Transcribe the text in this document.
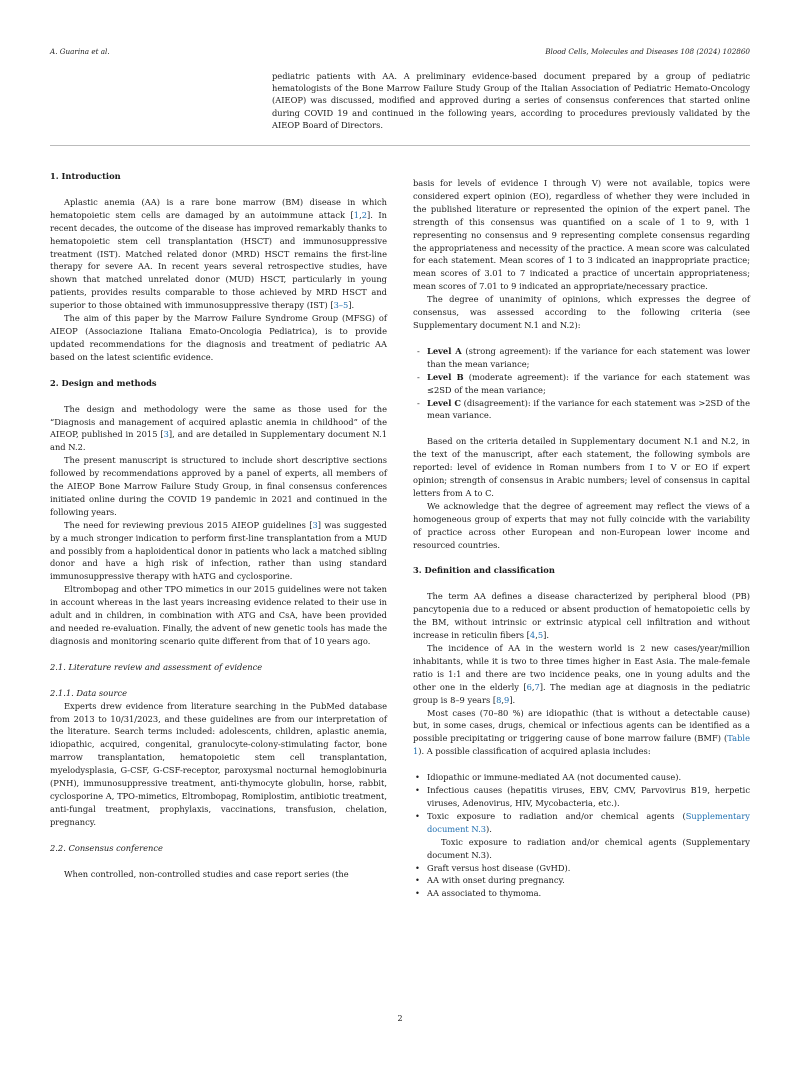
A. Guarina et al.	Blood Cells, Molecules and Diseases 108 (2024) 102860
pediatric patients with AA. A preliminary evidence-based document prepared by a group of pediatric hematologists of the Bone Marrow Failure Study Group of the Italian Association of Pediatric Hemato-Oncology (AIEOP) was discussed, modified and approved during a series of consensus conferences that started online during COVID 19 and continued in the following years, according to procedures previously validated by the AIEOP Board of Directors.
1. Introduction

Aplastic anemia (AA) is a rare bone marrow (BM) disease in which hematopoietic stem cells are damaged by an autoimmune attack [1,2]. In recent decades, the outcome of the disease has improved remarkably thanks to hematopoietic stem cell transplantation (HSCT) and immunosuppressive treatment (IST). Matched related donor (MRD) HSCT remains the first-line therapy for severe AA. In recent years several retrospective studies, have shown that matched unrelated donor (MUD) HSCT, particularly in young patients, provides results comparable to those achieved by MRD HSCT and superior to those obtained with immunosuppressive therapy (IST) [3–5].

The aim of this paper by the Marrow Failure Syndrome Group (MFSG) of AIEOP (Associazione Italiana Emato-Oncologia Pediatrica), is to provide updated recommendations for the diagnosis and treatment of pediatric AA based on the latest scientific evidence.

2. Design and methods

The design and methodology were the same as those used for the “Diagnosis and management of acquired aplastic anemia in childhood” of the AIEOP, published in 2015 [3], and are detailed in Supplementary document N.1 and N.2.

The present manuscript is structured to include short descriptive sections followed by recommendations approved by a panel of experts, all members of the AIEOP Bone Marrow Failure Study Group, in final consensus conferences initiated online during the COVID 19 pandemic in 2021 and continued in the following years.

The need for reviewing previous 2015 AIEOP guidelines [3] was suggested by a much stronger indication to perform first-line transplantation from a MUD and possibly from a haploidentical donor in patients who lack a matched sibling donor and have a high risk of infection, rather than using standard immunosuppressive therapy with hATG and cyclosporine.

Eltrombopag and other TPO mimetics in our 2015 guidelines were not taken in account whereas in the last years increasing evidence related to their use in adult and in children, in combination with ATG and CsA, have been provided and needed re-evaluation. Finally, the advent of new genetic tools has made the diagnosis and monitoring scenario quite different from that of 10 years ago.

2.1. Literature review and assessment of evidence
2.1.1. Data source

Experts drew evidence from literature searching in the PubMed database from 2013 to 10/31/2023, and these guidelines are from our interpretation of the literature. Search terms included: adolescents, children, aplastic anemia, idiopathic, acquired, congenital, granulocyte-colony-stimulating factor, bone marrow transplantation, hematopoietic stem cell transplantation, myelodysplasia, G-CSF, G-CSF-receptor, paroxysmal nocturnal hemoglobinuria (PNH), immunosuppressive treatment, anti-thymocyte globulin, horse, rabbit, cyclosporine A, TPO-mimetics, Eltrombopag, Romiplostim, antibiotic treatment, anti-fungal treatment, prophylaxis, vaccinations, transfusion, chelation, pregnancy.

2.2. Consensus conference

When controlled, non-controlled studies and case report series (the

basis for levels of evidence I through V) were not available, topics were considered expert opinion (EO), regardless of whether they were included in the published literature or represented the opinion of the expert panel. The strength of this consensus was quantified on a scale of 1 to 9, with 1 representing no consensus and 9 representing complete consensus regarding the appropriateness and necessity of the practice. A mean score was calculated for each statement. Mean scores of 1 to 3 indicated an inappropriate practice; mean scores of 3.01 to 7 indicated a practice of uncertain appropriateness; mean scores of 7.01 to 9 indicated an appropriate/necessary practice.

The degree of unanimity of opinions, which expresses the degree of consensus, was assessed according to the following criteria (see Supplementary document N.1 and N.2):

- Level A (strong agreement): if the variance for each statement was lower than the mean variance;
- Level B (moderate agreement): if the variance for each statement was ≤2SD of the mean variance;
- Level C (disagreement): if the variance for each statement was >2SD of the mean variance.

Based on the criteria detailed in Supplementary document N.1 and N.2, in the text of the manuscript, after each statement, the following symbols are reported: level of evidence in Roman numbers from I to V or EO if expert opinion; strength of consensus in Arabic numbers; level of consensus in capital letters from A to C.

We acknowledge that the degree of agreement may reflect the views of a homogeneous group of experts that may not fully coincide with the variability of practice across other European and non-European lower income and resourced countries.

3. Definition and classification

The term AA defines a disease characterized by peripheral blood (PB) pancytopenia due to a reduced or absent production of hematopoietic cells by the BM, without intrinsic or extrinsic atypical cell infiltration and without increase in reticulin fibers [4,5].

The incidence of AA in the western world is 2 new cases/year/million inhabitants, while it is two to three times higher in East Asia. The male-female ratio is 1:1 and there are two incidence peaks, one in young adults and the other one in the elderly [6,7]. The median age at diagnosis in the pediatric group is 8–9 years [8,9].

Most cases (70–80 %) are idiopathic (that is without a detectable cause) but, in some cases, drugs, chemical or infectious agents can be identified as a possible precipitating or triggering cause of bone marrow failure (BMF) (Table 1). A possible classification of acquired aplasia includes:

• Idiopathic or immune-mediated AA (not documented cause).
• Infectious causes (hepatitis viruses, EBV, CMV, Parvovirus B19, herpetic viruses, Adenovirus, HIV, Mycobacteria, etc.).
• Toxic exposure to radiation and/or chemical agents (Supplementary document N.3).
Toxic exposure to radiation and/or chemical agents (Supplementary document N.3).
• Graft versus host disease (GvHD).
• AA with onset during pregnancy.
• AA associated to thymoma.
2
